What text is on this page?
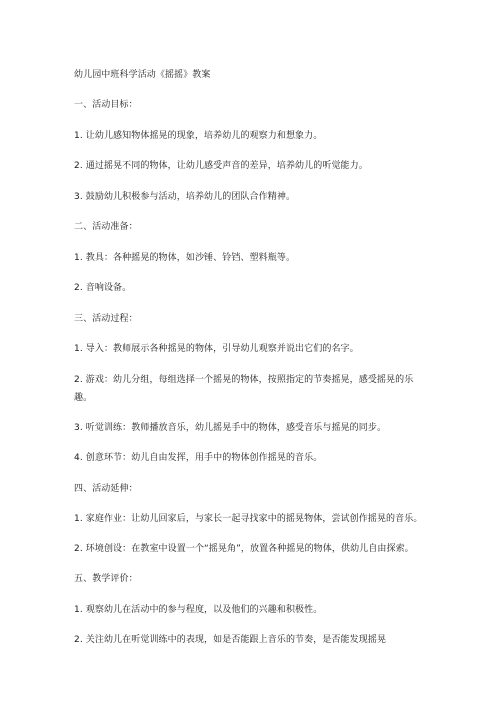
幼儿园中班科学活动《摇摇》教案
一、活动目标：
1. 让幼儿感知物体摇晃的现象，培养幼儿的观察力和想象力。
2. 通过摇晃不同的物体，让幼儿感受声音的差异，培养幼儿的听觉能力。
3. 鼓励幼儿积极参与活动，培养幼儿的团队合作精神。
二、活动准备：
1. 教具：各种摇晃的物体，如沙锤、铃铛、塑料瓶等。
2. 音响设备。
三、活动过程：
1. 导入：教师展示各种摇晃的物体，引导幼儿观察并说出它们的名字。
2. 游戏：幼儿分组，每组选择一个摇晃的物体，按照指定的节奏摇晃，感受摇晃的乐趣。
3. 听觉训练：教师播放音乐，幼儿摇晃手中的物体，感受音乐与摇晃的同步。
4. 创意环节：幼儿自由发挥，用手中的物体创作摇晃的音乐。
四、活动延伸：
1. 家庭作业：让幼儿回家后，与家长一起寻找家中的摇晃物体，尝试创作摇晃的音乐。
2. 环境创设：在教室中设置一个“摇晃角”，放置各种摇晃的物体，供幼儿自由探索。
五、教学评价：
1. 观察幼儿在活动中的参与程度，以及他们的兴趣和积极性。
2. 关注幼儿在听觉训练中的表现，如是否能跟上音乐的节奏，是否能发现摇晃
